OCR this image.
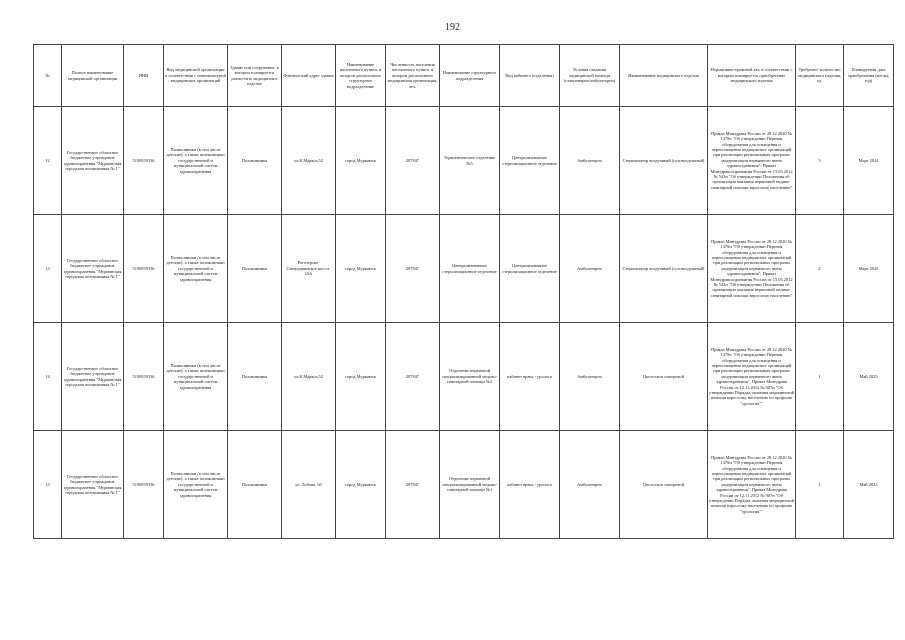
192
№	Полное наименование медицинской организации	ИНН	Вид медицинской организации в соответствии с номенклатурой медицинских организаций	Здание или сооружение, в котором планируется разместить медицинское изделие	Фактический адрес здания	Наименование населенного пункта, в котором расположено структурное подразделение	Численность населения населенного пункта, в котором расположено медицинская организация, чел.	Наименование структурного подразделения	Вид кабинета (отделения)	Условия оказания медицинской помощи (стационарно/амбулаторно)	Наименование медицинского изделия	Нормативно-правовой акт, в соответствии с которым планируется приобретение медицинского изделия	Требуемое количество медицинского изделия, ед.	Планируемая дата приобретения (месяц, год)
12	Государственное областное бюджетное учреждение здравоохранения "Мурманская городская поликлиника № 1"	5190059336	Поликлиники (в том числе детские), а также поликлиники государственной и муниципальной систем здравоохранения	Поликлиника	ул.К.Маркса,52	город Мурманск	287847	Терапевтическое отделение №5	Централизованное стерилизационное отделение	Амбулаторно	Стерилизатор воздушный (суховоздушный)	Приказ Минздрава России от 28.12.2020 № 1379н "Об утверждении Перечня оборудования для оснащения и переоснащения медицинских организаций при реализации региональных программ модернизации первичного звена здравоохранения", Приказ Минздравсоцразвития России от 15.05.2012 № 543н "Об утверждении Положения об организации оказания первичной медико-санитарной помощи взрослому населению"	3	Март 2024
13	Государственное областное бюджетное учреждение здравоохранения "Мурманская городская поликлиника № 1"	5190059336	Поликлиники (в том числе детские), а также поликлиники государственной и муниципальной систем здравоохранения	Поликлиника	Рогозерско-Северодвинское шоссе, 10А	город Мурманск	287847	Централизованное стерилизационное отделение	Централизованное стерилизационное отделение	Амбулаторно	Стерилизатор воздушный (суховоздушный)	Приказ Минздрава России от 28.12.2020 № 1379н "Об утверждении Перечня оборудования для оснащения и переоснащения медицинских организаций при реализации региональных программ модернизации первичного звена здравоохранения", Приказ Минздравсоцразвития России от 15.05.2012 № 543н "Об утверждении Положения об организации оказания первичной медико-санитарной помощи взрослому населению"	2	Март 2025
14	Государственное областное бюджетное учреждение здравоохранения "Мурманская городская поликлиника № 1"	5190059336	Поликлиники (в том числе детские), а также поликлиники государственной и муниципальной систем здравоохранения	Поликлиника	ул.К.Маркса,52	город Мурманск	287847	Отделение первичной специализированной медико-санитарной помощи №2	кабинет врача - уролога	Амбулаторно	Цистоскоп смотровой	Приказ Минздрава России от 28.12.2020 № 1379н "Об утверждении Перечня оборудования для оснащения и переоснащения медицинских организаций при реализации региональных программ модернизации первичного звена здравоохранения", Приказ Минздрава России от 12.11.2012 № 907н "Об утверждении Порядка оказания медицинской помощи взрослому населению по профилю "урология""	1	Май 2025
15	Государственное областное бюджетное учреждение здравоохранения "Мурманская городская поликлиника № 1"	5190059336	Поликлиники (в том числе детские), а также поликлиники государственной и муниципальной систем здравоохранения	Поликлиника	ул. Лобова, 65	город Мурманск	287847	Отделение первичной специализированной медико-санитарной помощи №1	кабинет врача - уролога	Амбулаторно	Цистоскоп смотровой	Приказ Минздрава России от 28.12.2020 № 1379н "Об утверждении Перечня оборудования для оснащения и переоснащения медицинских организаций при реализации региональных программ модернизации первичного звена здравоохранения", Приказ Минздрава России от 12.11.2012 № 907н "Об утверждении Порядка оказания медицинской помощи взрослому населению по профилю "урология""	1	Май 2023
